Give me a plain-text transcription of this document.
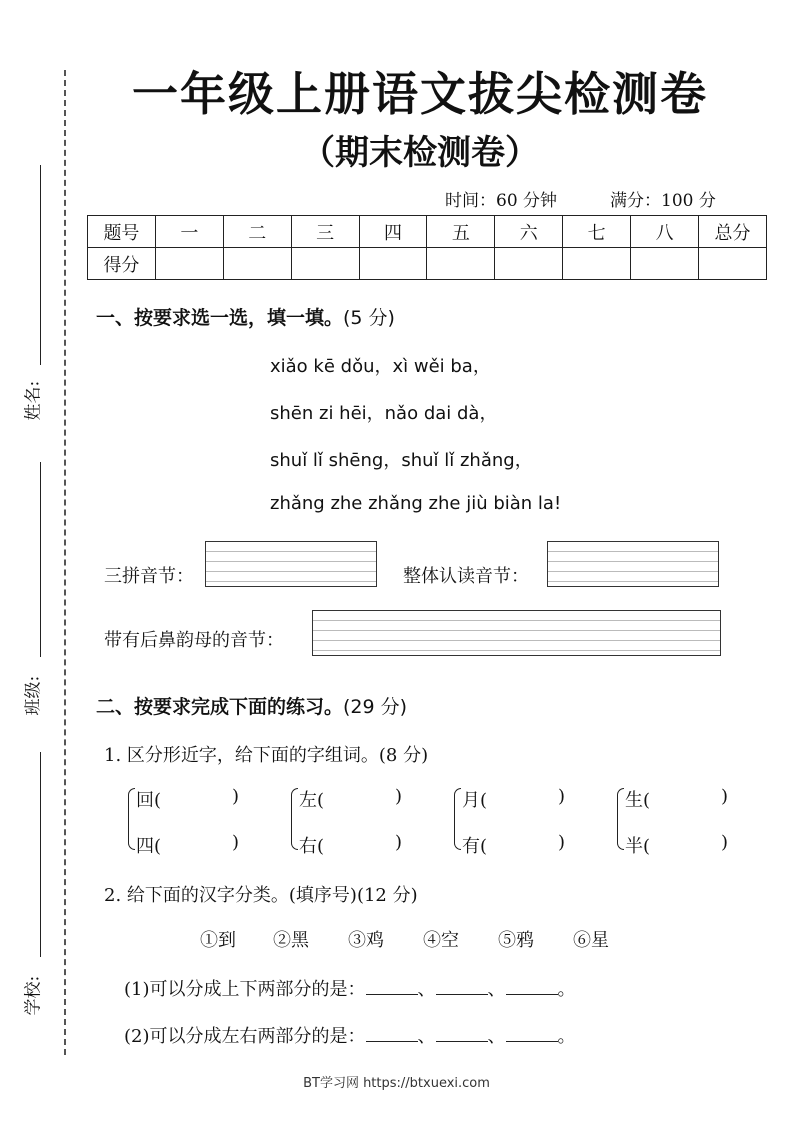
姓名:
班级:
学校:
一年级上册语文拔尖检测卷
（期末检测卷）
时间：60 分钟	满分：100 分
题号	一	二	三	四	五	六	七	八	总分
得分									
一、按要求选一选，填一填。(5 分)
xiǎo kē dǒu，xì wěi ba，
shēn zi hēi，nǎo dai dà，
shuǐ lǐ shēng，shuǐ lǐ zhǎng，
zhǎng zhe zhǎng zhe jiù biàn la!
三拼音节：	整体认读音节：
带有后鼻韵母的音节：
二、按要求完成下面的练习。(29 分)
1. 区分形近字，给下面的字组词。(8 分)
回(	)
四(	)
左(	)
右(	)
月(	)
有(	)
生(	)
半(	)
2. 给下面的汉字分类。(填序号)(12 分)
①到 ②黑 ③鸡 ④空 ⑤鸦 ⑥星
(1)可以分成上下两部分的是：	、	、	。
(2)可以分成左右两部分的是：	、	、	。
BT学习网 https://btxuexi.com
